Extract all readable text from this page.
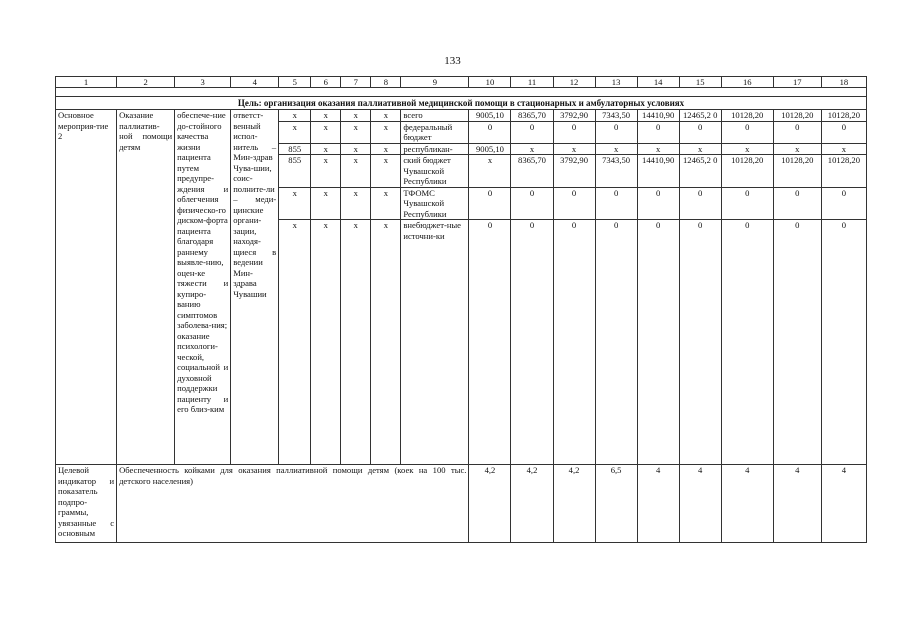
133
1	2	3	4	5	6	7	8	9	10	11	12	13	14	15	16	17	18

Цель: организация оказания паллиативной медицинской помощи в стационарных и амбулаторных условиях																	
Основное мероприя-тие 2	Оказание паллиатив-ной помощи детям	обеспече-ние до-стойного качества жизни пациента путем предупре-ждения и облегчения физическо-го диском-форта пациента благодаря раннему выявле-нию, оцен-ке тяжести и купиро-ванию симптомов заболева-ния; оказание психологи-ческой, социальной и духовной поддержки пациенту и его близ-ким	ответст-венный испол-нитель – Мин-здрав Чува-шии, соис-полните-ли – меди-цинские органи-зации, находя-щиеся в ведении Мин-здрава Чувашии	x	x	x	x	всего	9005,10	8365,70	3792,90	7343,50	14410,90	12465,2 0	10128,20	10128,20	10128,20
				x	x	x	x	федеральный бюджет	0	0	0	0	0	0	0	0	0
				855	x	x	x	республикан-	9005,10	x	x	x	x	x	x	x	x
				855	x	x	x	ский бюджет Чувашской Республики	x	8365,70	3792,90	7343,50	14410,90	12465,2 0	10128,20	10128,20	10128,20
				x	x	x	x	ТФОМС Чувашской Республики	0	0	0	0	0	0	0	0	0
				x	x	x	x	внебюджет-ные источни-ки	0	0	0	0	0	0	0	0	0
Целевой индикатор и показатель подпро-граммы, увязанные с основным	Обеспеченность койками для оказания паллиативной помощи детям (коек на 100 тыс. детского населения)								4,2	4,2	4,2	6,5	4	4	4	4	4
